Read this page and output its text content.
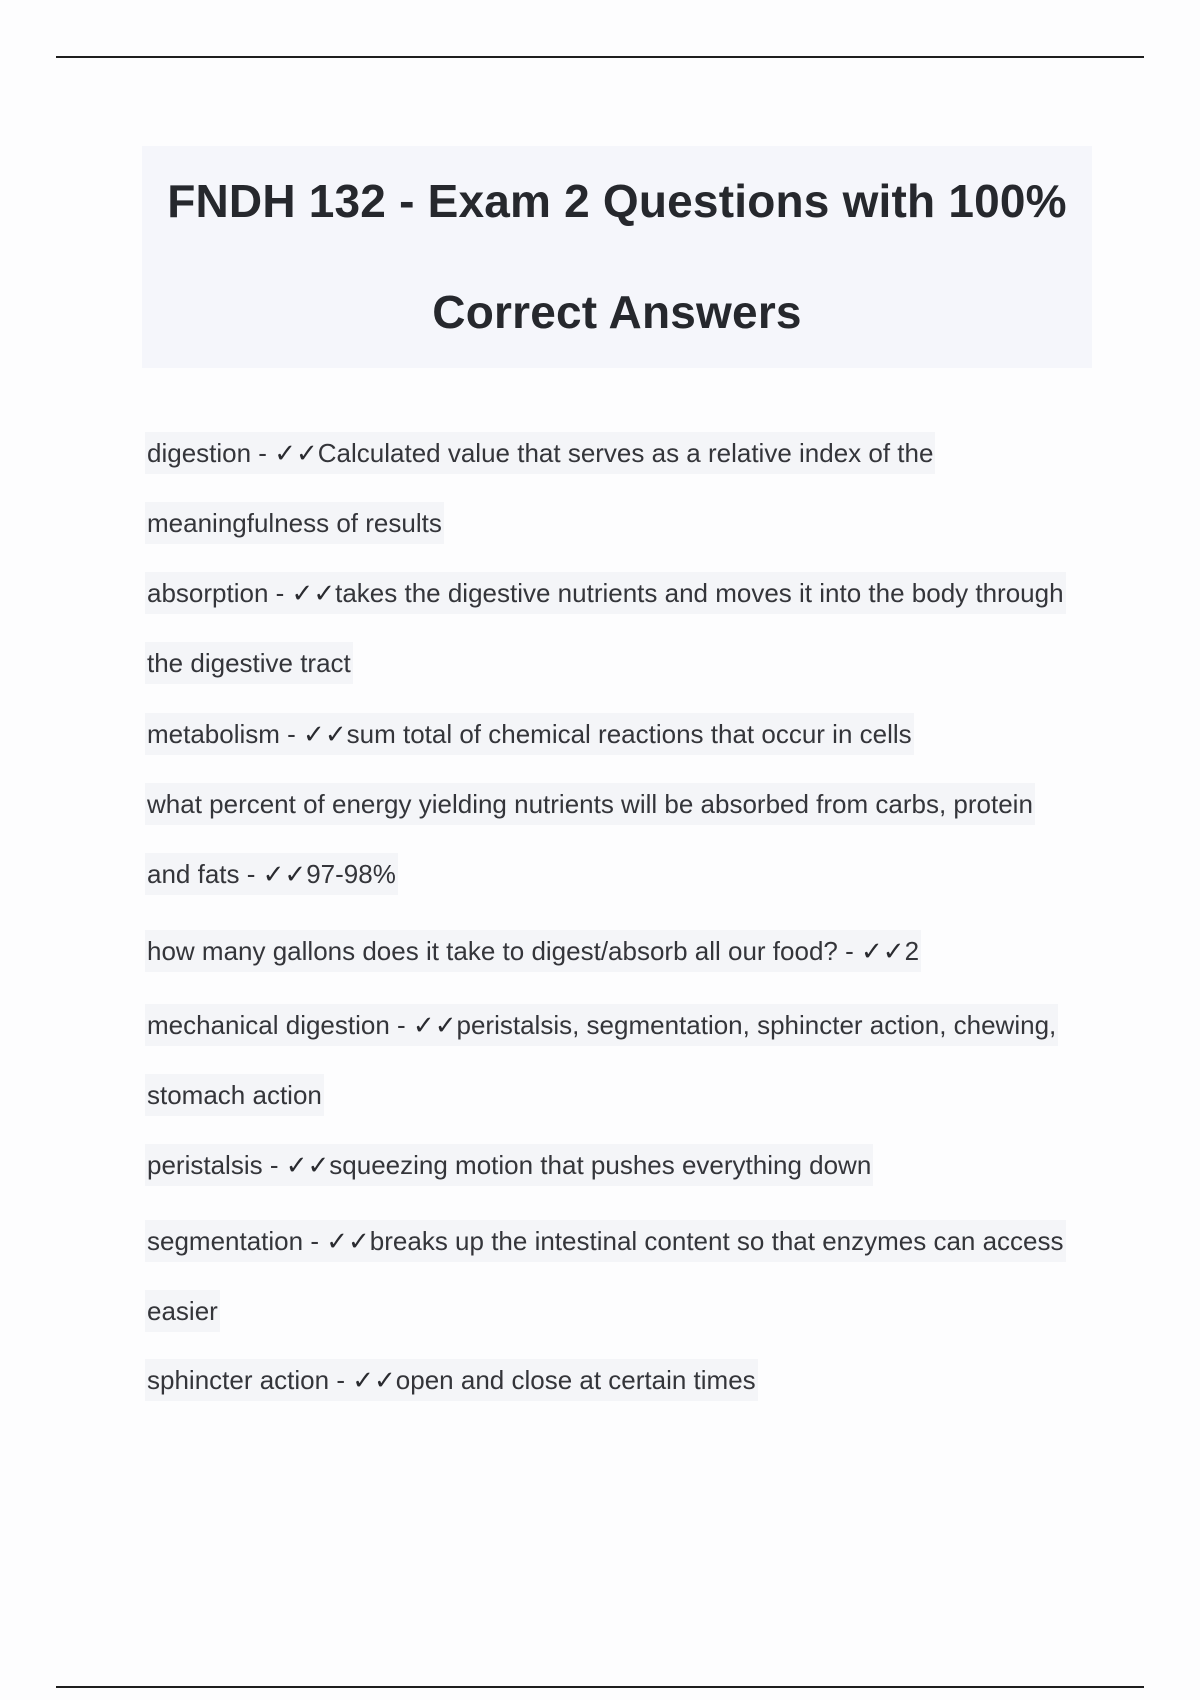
FNDH 132 - Exam 2 Questions with 100% Correct Answers
digestion - ✓✓Calculated value that serves as a relative index of the meaningfulness of results
absorption - ✓✓takes the digestive nutrients and moves it into the body through the digestive tract
metabolism - ✓✓sum total of chemical reactions that occur in cells
what percent of energy yielding nutrients will be absorbed from carbs, protein and fats - ✓✓97-98%
how many gallons does it take to digest/absorb all our food? - ✓✓2
mechanical digestion - ✓✓peristalsis, segmentation, sphincter action, chewing, stomach action
peristalsis - ✓✓squeezing motion that pushes everything down
segmentation - ✓✓breaks up the intestinal content so that enzymes can access easier
sphincter action - ✓✓open and close at certain times
